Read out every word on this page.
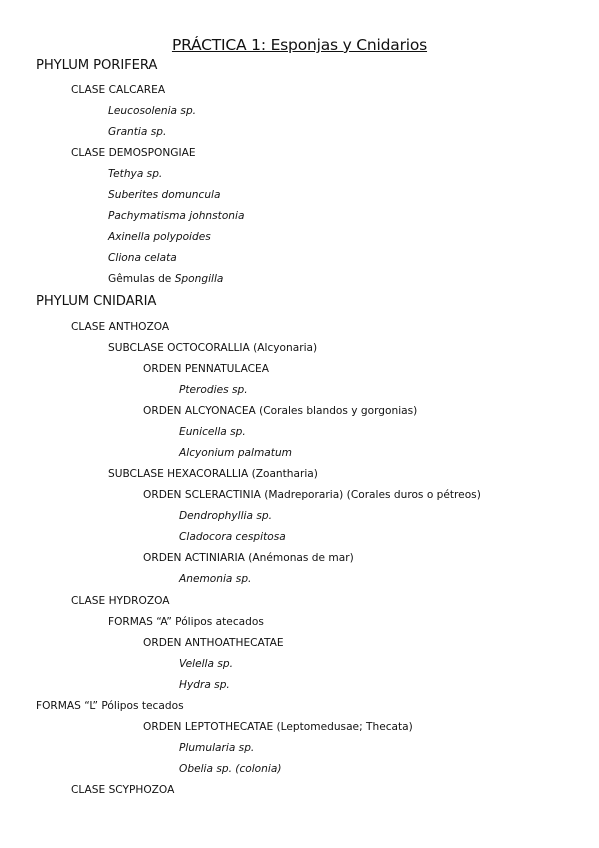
PRÁCTICA 1: Esponjas y Cnidarios
PHYLUM PORIFERA
CLASE CALCAREA
Leucosolenia sp.
Grantia sp.
CLASE DEMOSPONGIAE
Tethya sp.
Suberites domuncula
Pachymatisma johnstonia
Axinella polypoides
Cliona celata
Gêmulas de Spongilla
PHYLUM CNIDARIA
CLASE ANTHOZOA
SUBCLASE OCTOCORALLIA (Alcyonaria)
ORDEN PENNATULACEA
Pterodies sp.
ORDEN ALCYONACEA (Corales blandos y gorgonias)
Eunicella sp.
Alcyonium palmatum
SUBCLASE HEXACORALLIA (Zoantharia)
ORDEN SCLERACTINIA (Madreporaria) (Corales duros o pétreos)
Dendrophyllia sp.
Cladocora cespitosa
ORDEN ACTINIARIA (Anémonas de mar)
Anemonia sp.
CLASE HYDROZOA
FORMAS “A” Pólipos atecados
ORDEN ANTHOATHECATAE
Velella sp.
Hydra sp.
FORMAS “L” Pólipos tecados
ORDEN LEPTOTHECATAE (Leptomedusae; Thecata)
Plumularia sp.
Obelia sp. (colonia)
CLASE SCYPHOZOA
